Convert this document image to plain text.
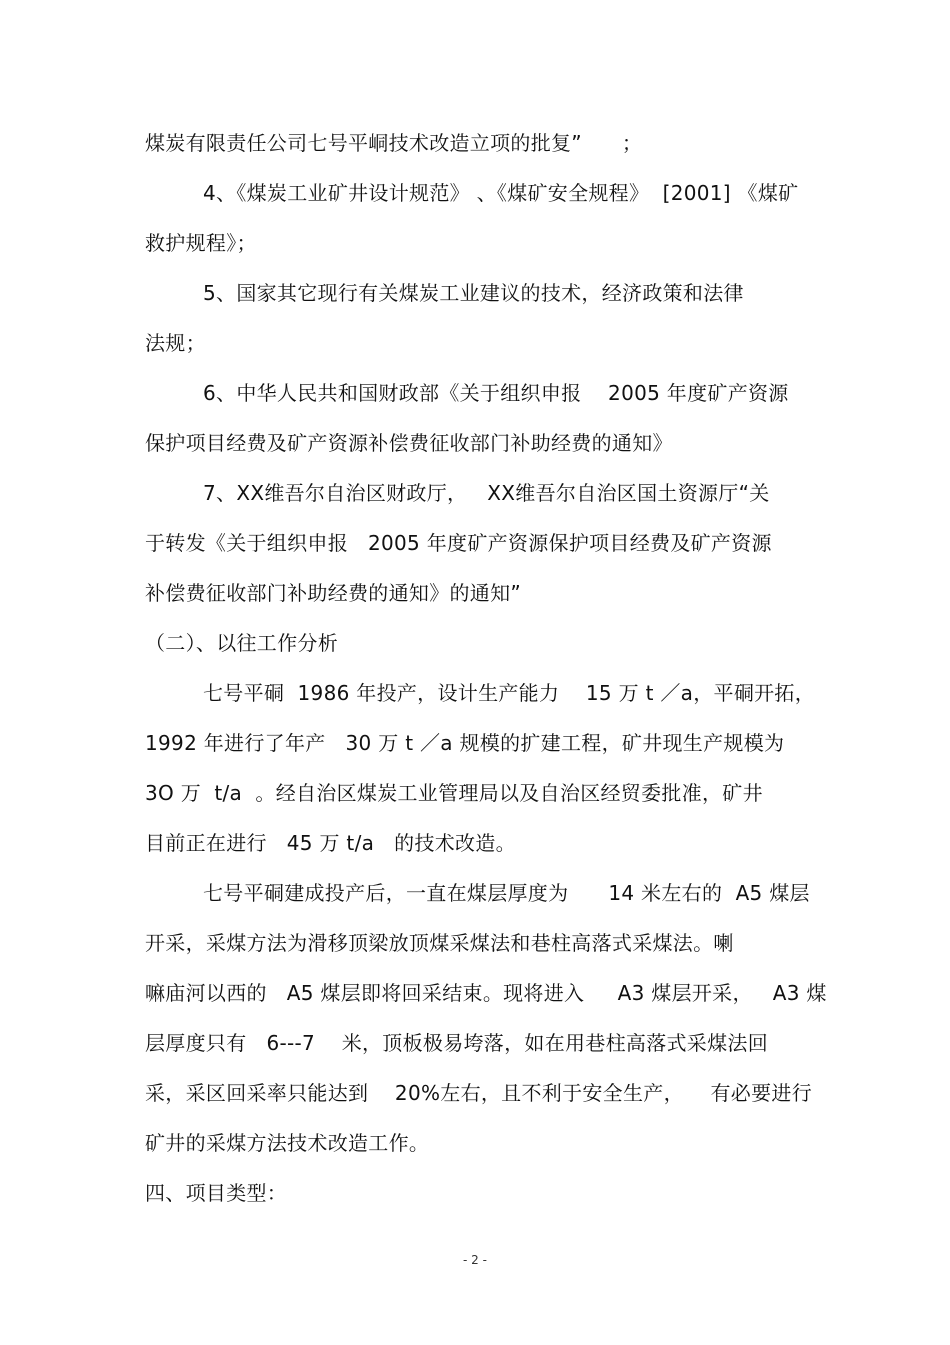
煤炭有限责任公司七号平峒技术改造立项的批复”      ；
4、《煤炭工业矿井设计规范》 、《煤矿安全规程》  [2001] 《煤矿
救护规程》；
5、国家其它现行有关煤炭工业建议的技术，经济政策和法律
法规；
6、中华人民共和国财政部《关于组织申报    2005 年度矿产资源
保护项目经费及矿产资源补偿费征收部门补助经费的通知》
7、XX维吾尔自治区财政厅，   XX维吾尔自治区国土资源厅“关
于转发《关于组织申报   2005 年度矿产资源保护项目经费及矿产资源
补偿费征收部门补助经费的通知》的通知”
（二）、以往工作分析
七号平硐  1986 年投产，设计生产能力    15 万 t ／a，平硐开拓，
1992 年进行了年产   30 万 t ／a 规模的扩建工程，矿井现生产规模为
3O 万  t/a  。经自治区煤炭工业管理局以及自治区经贸委批准，矿井
目前正在进行   45 万 t/a   的技术改造。
七号平硐建成投产后，一直在煤层厚度为      14 米左右的  A5 煤层
开采，采煤方法为滑移顶梁放顶煤采煤法和巷柱高落式采煤法。喇
嘛庙河以西的   A5 煤层即将回采结束。现将进入     A3 煤层开采，   A3 煤
层厚度只有   6---7    米，顶板极易垮落，如在用巷柱高落式采煤法回
采，采区回采率只能达到    20%左右，且不利于安全生产，    有必要进行
矿井的采煤方法技术改造工作。
四、项目类型：
- 2 -
